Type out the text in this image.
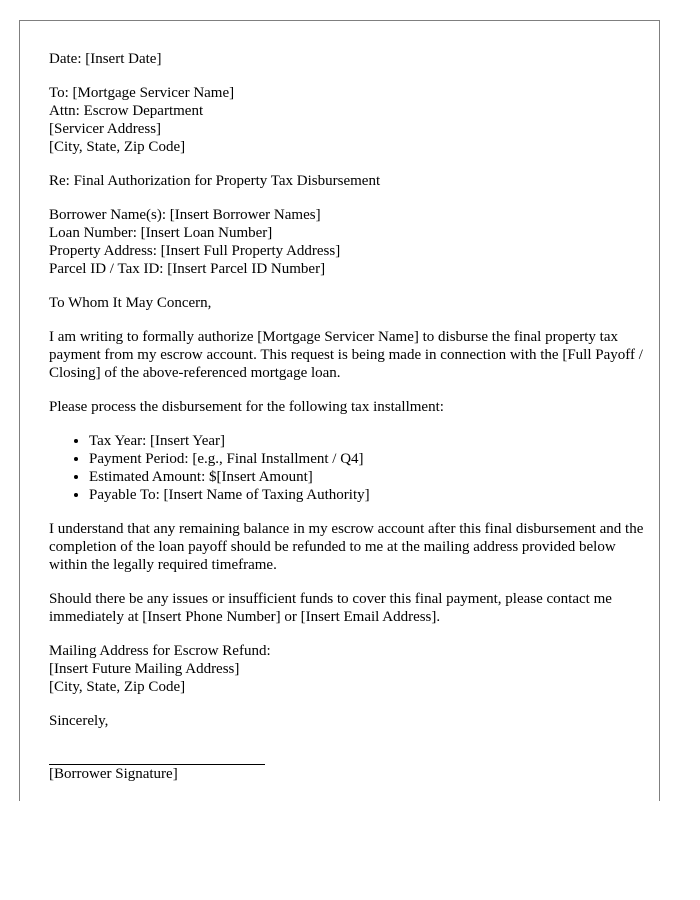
Date: [Insert Date]

To: [Mortgage Servicer Name]
Attn: Escrow Department
[Servicer Address]
[City, State, Zip Code]

Re: Final Authorization for Property Tax Disbursement

Borrower Name(s): [Insert Borrower Names]
Loan Number: [Insert Loan Number]
Property Address: [Insert Full Property Address]
Parcel ID / Tax ID: [Insert Parcel ID Number]

To Whom It May Concern,

I am writing to formally authorize [Mortgage Servicer Name] to disburse the final property tax payment from my escrow account. This request is being made in connection with the [Full Payoff / Closing] of the above-referenced mortgage loan.

Please process the disbursement for the following tax installment:

• Tax Year: [Insert Year]
• Payment Period: [e.g., Final Installment / Q4]
• Estimated Amount: $[Insert Amount]
• Payable To: [Insert Name of Taxing Authority]

I understand that any remaining balance in my escrow account after this final disbursement and the completion of the loan payoff should be refunded to me at the mailing address provided below within the legally required timeframe.

Should there be any issues or insufficient funds to cover this final payment, please contact me immediately at [Insert Phone Number] or [Insert Email Address].

Mailing Address for Escrow Refund:
[Insert Future Mailing Address]
[City, State, Zip Code]

Sincerely,

[Borrower Signature]
